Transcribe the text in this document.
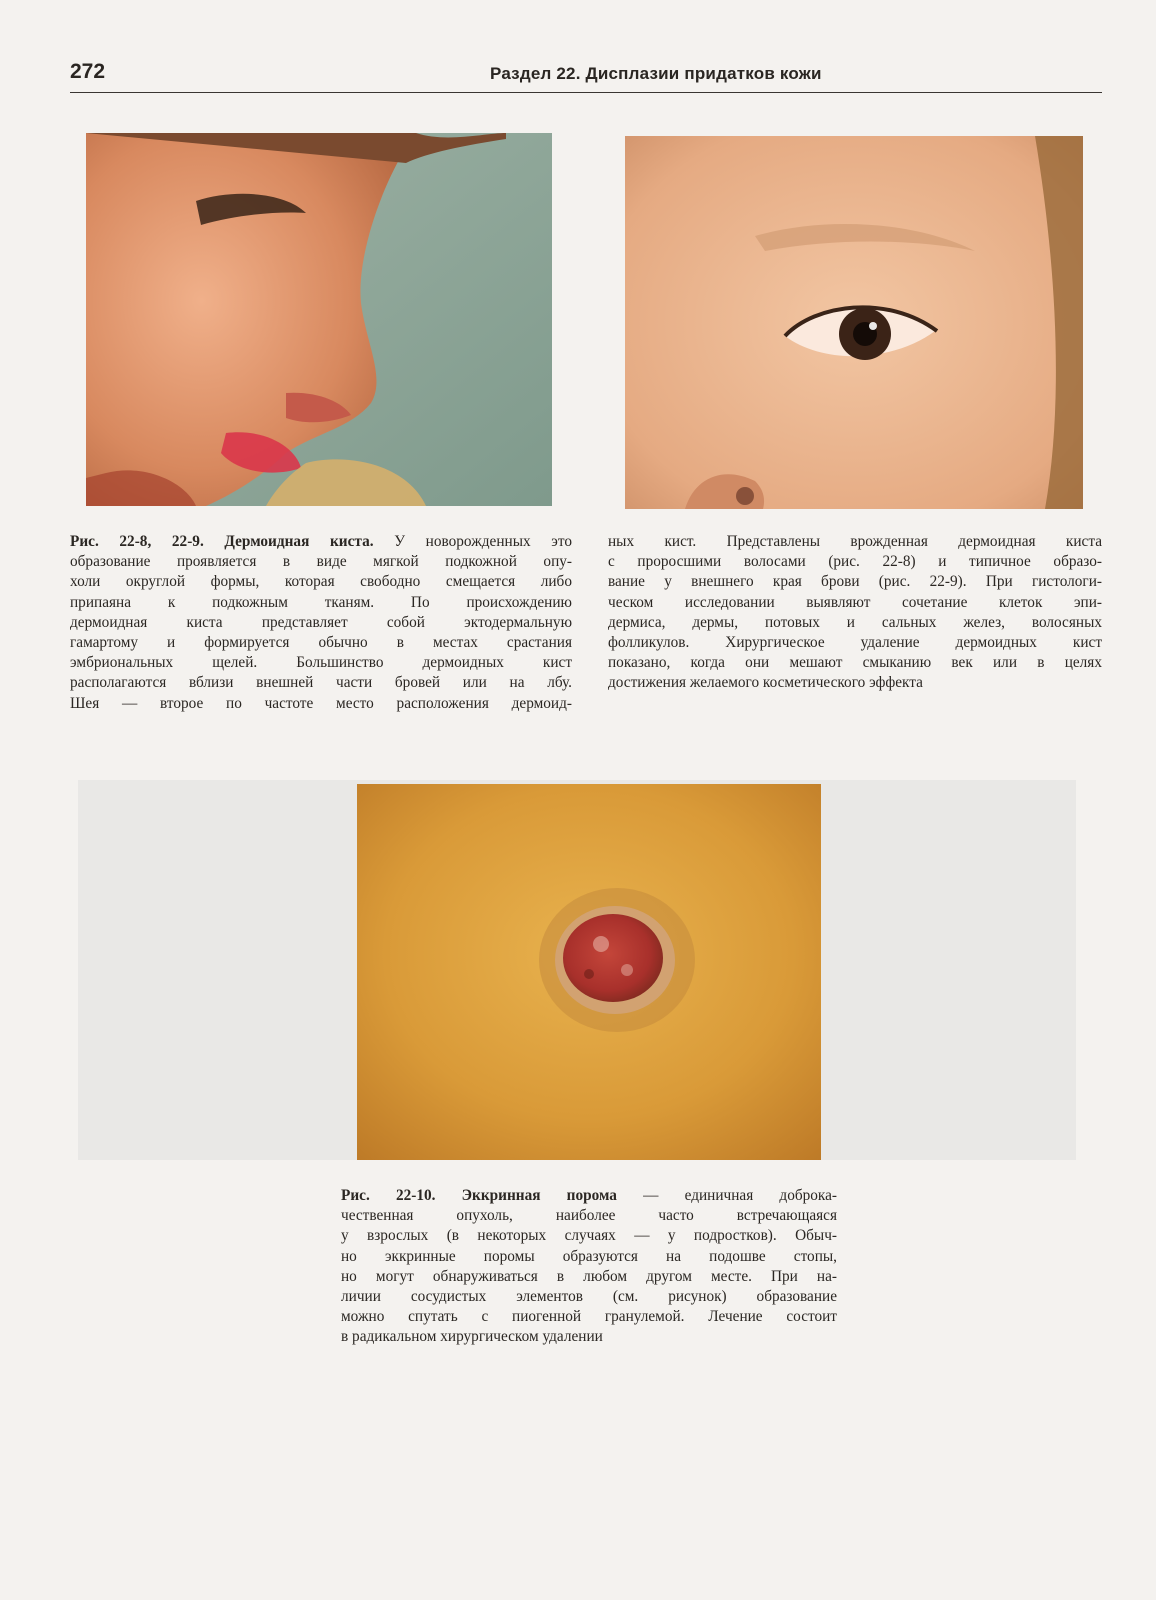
272	Раздел 22. Дисплазии придатков кожи
Рис. 22-8, 22-9. Дермоидная киста. У новорожденных это
образование проявляется в виде мягкой подкожной опу-
холи округлой формы, которая свободно смещается либо
припаяна к подкожным тканям. По происхождению
дермоидная киста представляет собой эктодермальную
гамартому и формируется обычно в местах срастания
эмбриональных щелей. Большинство дермоидных кист
располагаются вблизи внешней части бровей или на лбу.
Шея — второе по частоте место расположения дермоид-
ных кист. Представлены врожденная дермоидная киста
с проросшими волосами (рис. 22-8) и типичное образо-
вание у внешнего края брови (рис. 22-9). При гистологи-
ческом исследовании выявляют сочетание клеток эпи-
дермиса, дермы, потовых и сальных желез, волосяных
фолликулов. Хирургическое удаление дермоидных кист
показано, когда они мешают смыканию век или в целях
достижения желаемого косметического эффекта
Рис. 22-10. Эккринная порома — единичная доброка-
чественная опухоль, наиболее часто встречающаяся
у взрослых (в некоторых случаях — у подростков). Обыч-
но эккринные поромы образуются на подошве стопы,
но могут обнаруживаться в любом другом месте. При на-
личии сосудистых элементов (см. рисунок) образование
можно спутать с пиогенной гранулемой. Лечение состоит
в радикальном хирургическом удалении
